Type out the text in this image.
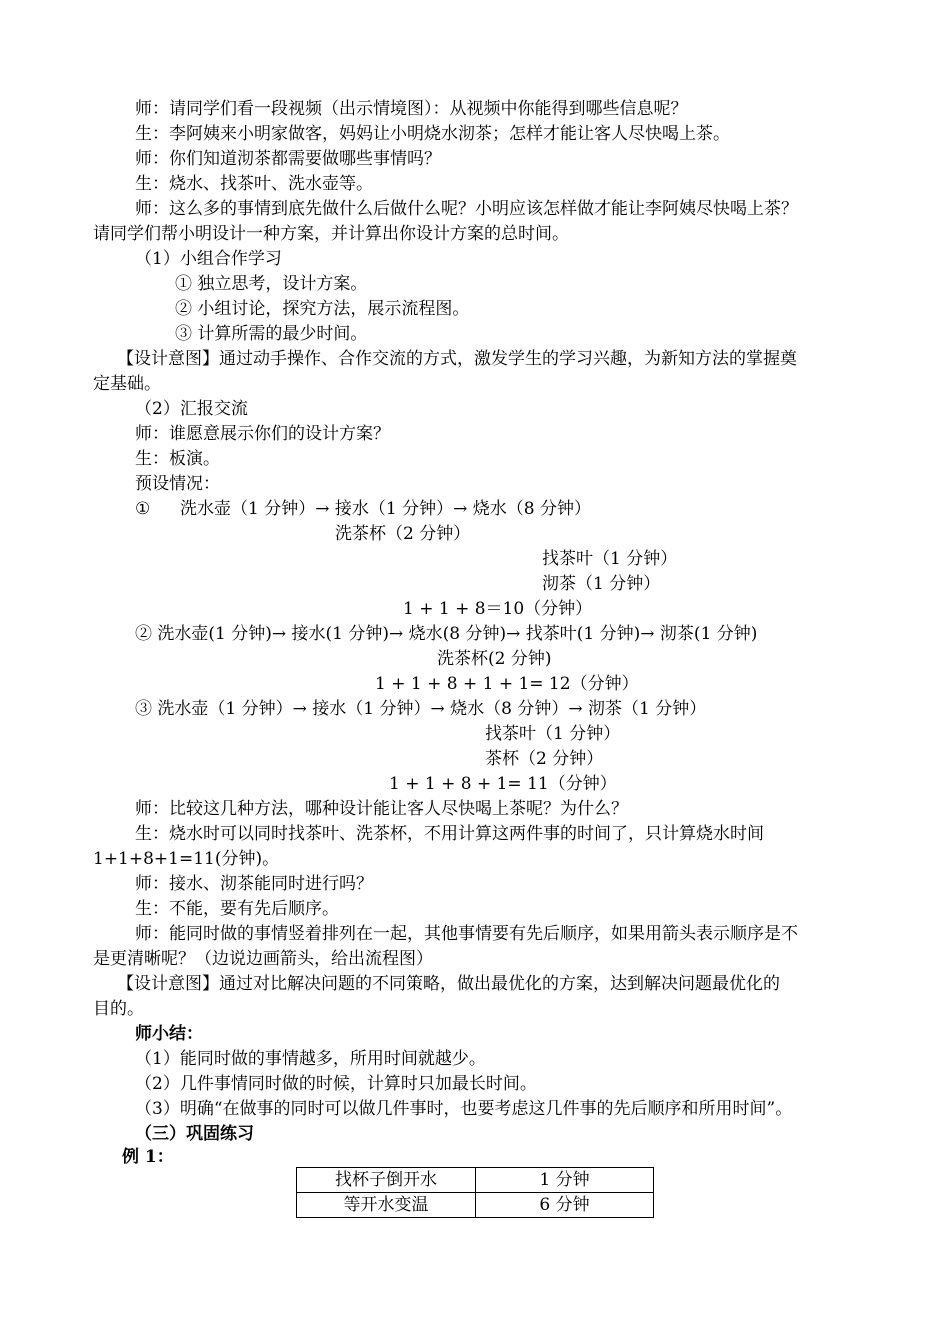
师：请同学们看一段视频（出示情境图）：从视频中你能得到哪些信息呢？
生：李阿姨来小明家做客，妈妈让小明烧水沏茶；怎样才能让客人尽快喝上茶。
师：你们知道沏茶都需要做哪些事情吗？
生：烧水、找茶叶、洗水壶等。
师：这么多的事情到底先做什么后做什么呢？小明应该怎样做才能让李阿姨尽快喝上茶？
请同学们帮小明设计一种方案，并计算出你设计方案的总时间。
（1）小组合作学习
① 独立思考，设计方案。
② 小组讨论，探究方法，展示流程图。
③ 计算所需的最少时间。
【设计意图】通过动手操作、合作交流的方式，激发学生的学习兴趣，为新知方法的掌握奠
定基础。
（2）汇报交流
师：谁愿意展示你们的设计方案？
生：板演。
预设情况：
① 洗水壶（1 分钟）→ 接水（1 分钟）→ 烧水（8 分钟）
洗茶杯（2 分钟）
找茶叶（1 分钟）
沏茶（1 分钟）
1 + 1 + 8＝10（分钟）
② 洗水壶(1 分钟)→ 接水(1 分钟)→ 烧水(8 分钟)→ 找茶叶(1 分钟)→ 沏茶(1 分钟)
洗茶杯(2 分钟)
1 + 1 + 8 + 1 + 1= 12（分钟）
③ 洗水壶（1 分钟）→ 接水（1 分钟）→ 烧水（8 分钟）→ 沏茶（1 分钟）
找茶叶（1 分钟）
茶杯（2 分钟）
1 + 1 + 8 + 1= 11（分钟）
师：比较这几种方法，哪种设计能让客人尽快喝上茶呢？为什么？
生：烧水时可以同时找茶叶、洗茶杯，不用计算这两件事的时间了，只计算烧水时间
1+1+8+1=11(分钟)。
师：接水、沏茶能同时进行吗？
生：不能，要有先后顺序。
师：能同时做的事情竖着排列在一起，其他事情要有先后顺序，如果用箭头表示顺序是不
是更清晰呢？（边说边画箭头，给出流程图）
【设计意图】通过对比解决问题的不同策略，做出最优化的方案，达到解决问题最优化的
目的。
师小结：
（1）能同时做的事情越多，所用时间就越少。
（2）几件事情同时做的时候，计算时只加最长时间。
（3）明确“在做事的同时可以做几件事时，也要考虑这几件事的先后顺序和所用时间”。
（三）巩固练习
例 1：
找杯子倒开水	1 分钟
等开水变温	6 分钟
